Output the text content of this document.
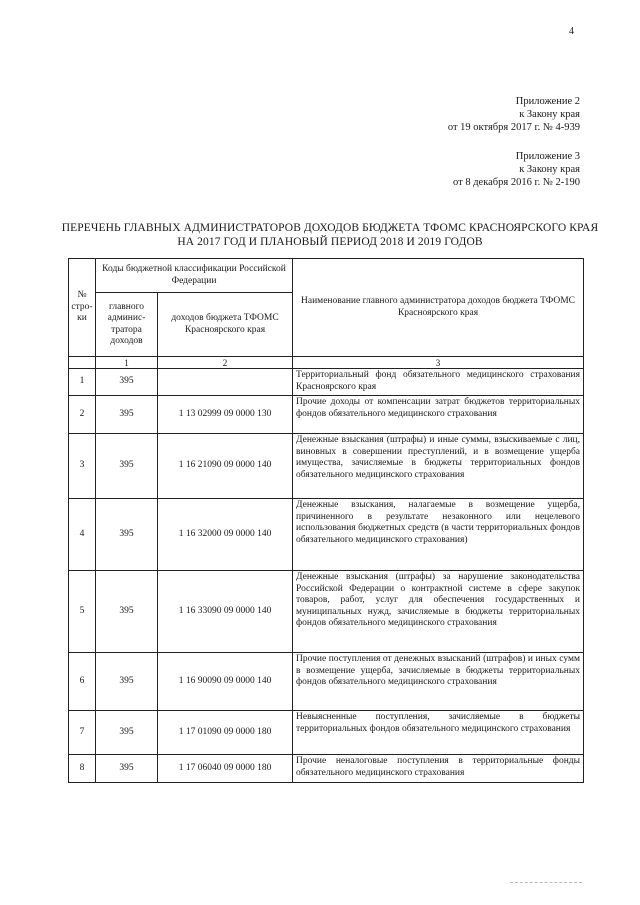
4
Приложение 2
к Закону края
от 19 октября 2017 г. № 4-939
Приложение 3
к Закону края
от 8 декабря 2016 г. № 2-190
ПЕРЕЧЕНЬ ГЛАВНЫХ АДМИНИСТРАТОРОВ ДОХОДОВ БЮДЖЕТА ТФОМС КРАСНОЯРСКОГО КРАЯ
НА 2017 ГОД И ПЛАНОВЫЙ ПЕРИОД 2018 И 2019 ГОДОВ
№ стро-ки	Коды бюджетной классификации Российской Федерации		Наименование главного администратора доходов бюджета ТФОМС Красноярского края
	главного админис-тратора доходов	доходов бюджета ТФОМС Красноярского края	
	1	2	3
1	395		Территориальный фонд обязательного медицинского страхования Красноярского края
2	395	1 13 02999 09 0000 130	Прочие доходы от компенсации затрат бюджетов территориальных фондов обязательного медицинского страхования
3	395	1 16 21090 09 0000 140	Денежные взыскания (штрафы) и иные суммы, взыскиваемые с лиц, виновных в совершении преступлений, и в возмещение ущерба имущества, зачисляемые в бюджеты территориальных фондов обязательного медицинского страхования
4	395	1 16 32000 09 0000 140	Денежные взыскания, налагаемые в возмещение ущерба, причиненного в результате незаконного или нецелевого использования бюджетных средств (в части территориальных фондов обязательного медицинского страхования)
5	395	1 16 33090 09 0000 140	Денежные взыскания (штрафы) за нарушение законодательства Российской Федерации о контрактной системе в сфере закупок товаров, работ, услуг для обеспечения государственных и муниципальных нужд, зачисляемые в бюджеты территориальных фондов обязательного медицинского страхования
6	395	1 16 90090 09 0000 140	Прочие поступления от денежных взысканий (штрафов) и иных сумм в возмещение ущерба, зачисляемые в бюджеты территориальных фондов обязательного медицинского страхования
7	395	1 17 01090 09 0000 180	Невыясненные поступления, зачисляемые в бюджеты территориальных фондов обязательного медицинского страхования
8	395	1 17 06040 09 0000 180	Прочие неналоговые поступления в территориальные фонды обязательного медицинского страхования
